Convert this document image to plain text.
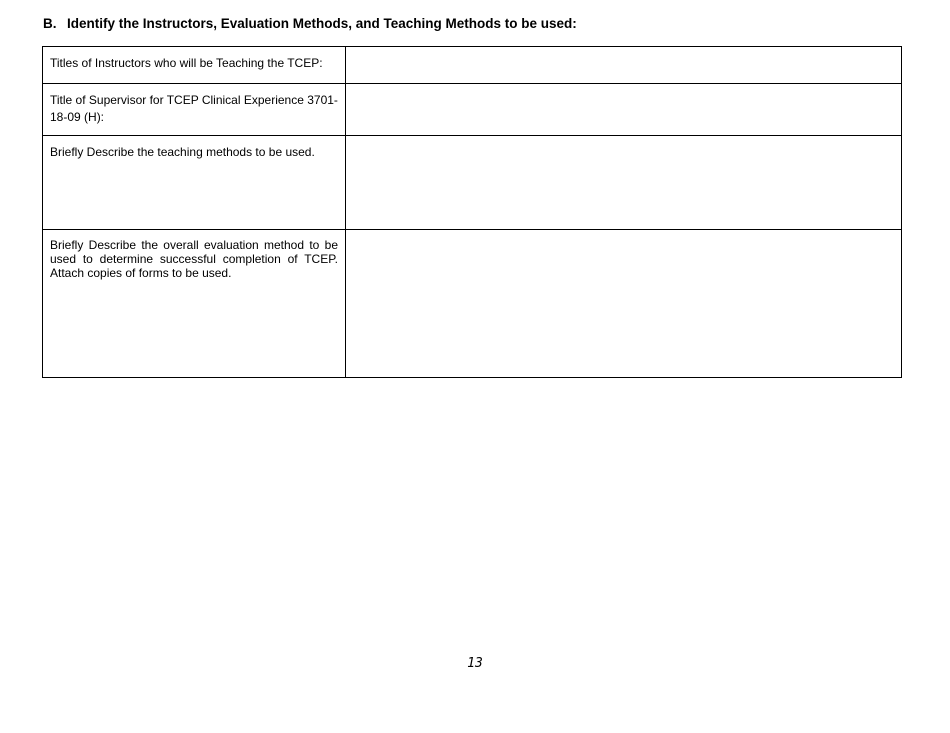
B. Identify the Instructors, Evaluation Methods, and Teaching Methods to be used:
Titles of Instructors who will be Teaching the TCEP:	

Title of Supervisor for TCEP Clinical Experience 3701-18-09 (H):	

Briefly Describe the teaching methods to be used.	

Briefly Describe the overall evaluation method to be used to determine successful completion of TCEP. Attach copies of forms to be used.	

13
